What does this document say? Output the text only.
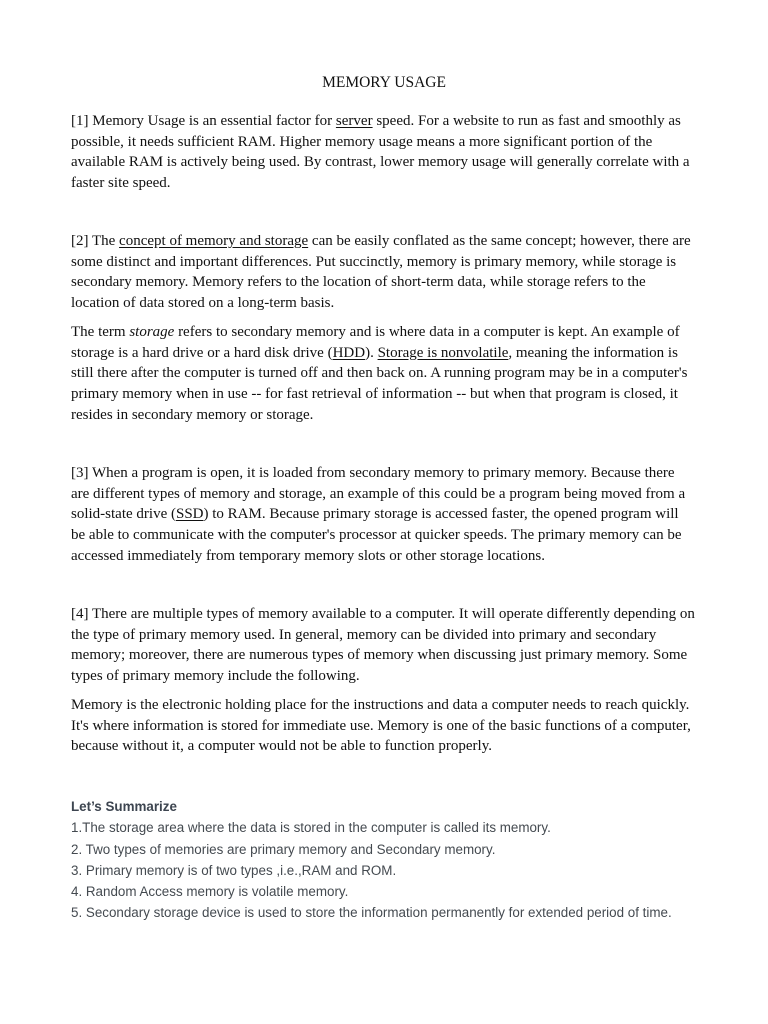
MEMORY USAGE

[1] Memory Usage is an essential factor for server speed. For a website to run as fast and smoothly as possible, it needs sufficient RAM. Higher memory usage means a more significant portion of the available RAM is actively being used. By contrast, lower memory usage will generally correlate with a faster site speed.

[2] The concept of memory and storage can be easily conflated as the same concept; however, there are some distinct and important differences. Put succinctly, memory is primary memory, while storage is secondary memory. Memory refers to the location of short-term data, while storage refers to the location of data stored on a long-term basis.

The term storage refers to secondary memory and is where data in a computer is kept. An example of storage is a hard drive or a hard disk drive (HDD). Storage is nonvolatile, meaning the information is still there after the computer is turned off and then back on. A running program may be in a computer's primary memory when in use -- for fast retrieval of information -- but when that program is closed, it resides in secondary memory or storage.

[3] When a program is open, it is loaded from secondary memory to primary memory. Because there are different types of memory and storage, an example of this could be a program being moved from a solid-state drive (SSD) to RAM. Because primary storage is accessed faster, the opened program will be able to communicate with the computer's processor at quicker speeds. The primary memory can be accessed immediately from temporary memory slots or other storage locations.

[4] There are multiple types of memory available to a computer. It will operate differently depending on the type of primary memory used. In general, memory can be divided into primary and secondary memory; moreover, there are numerous types of memory when discussing just primary memory. Some types of primary memory include the following.

Memory is the electronic holding place for the instructions and data a computer needs to reach quickly. It's where information is stored for immediate use. Memory is one of the basic functions of a computer, because without it, a computer would not be able to function properly.

Let’s Summarize
1.The storage area where the data is stored in the computer is called its memory.
2. Two types of memories are primary memory and Secondary memory.
3. Primary memory is of two types ,i.e.,RAM and ROM.
4. Random Access memory is volatile memory.
5. Secondary storage device is used to store the information permanently for extended period of time.
